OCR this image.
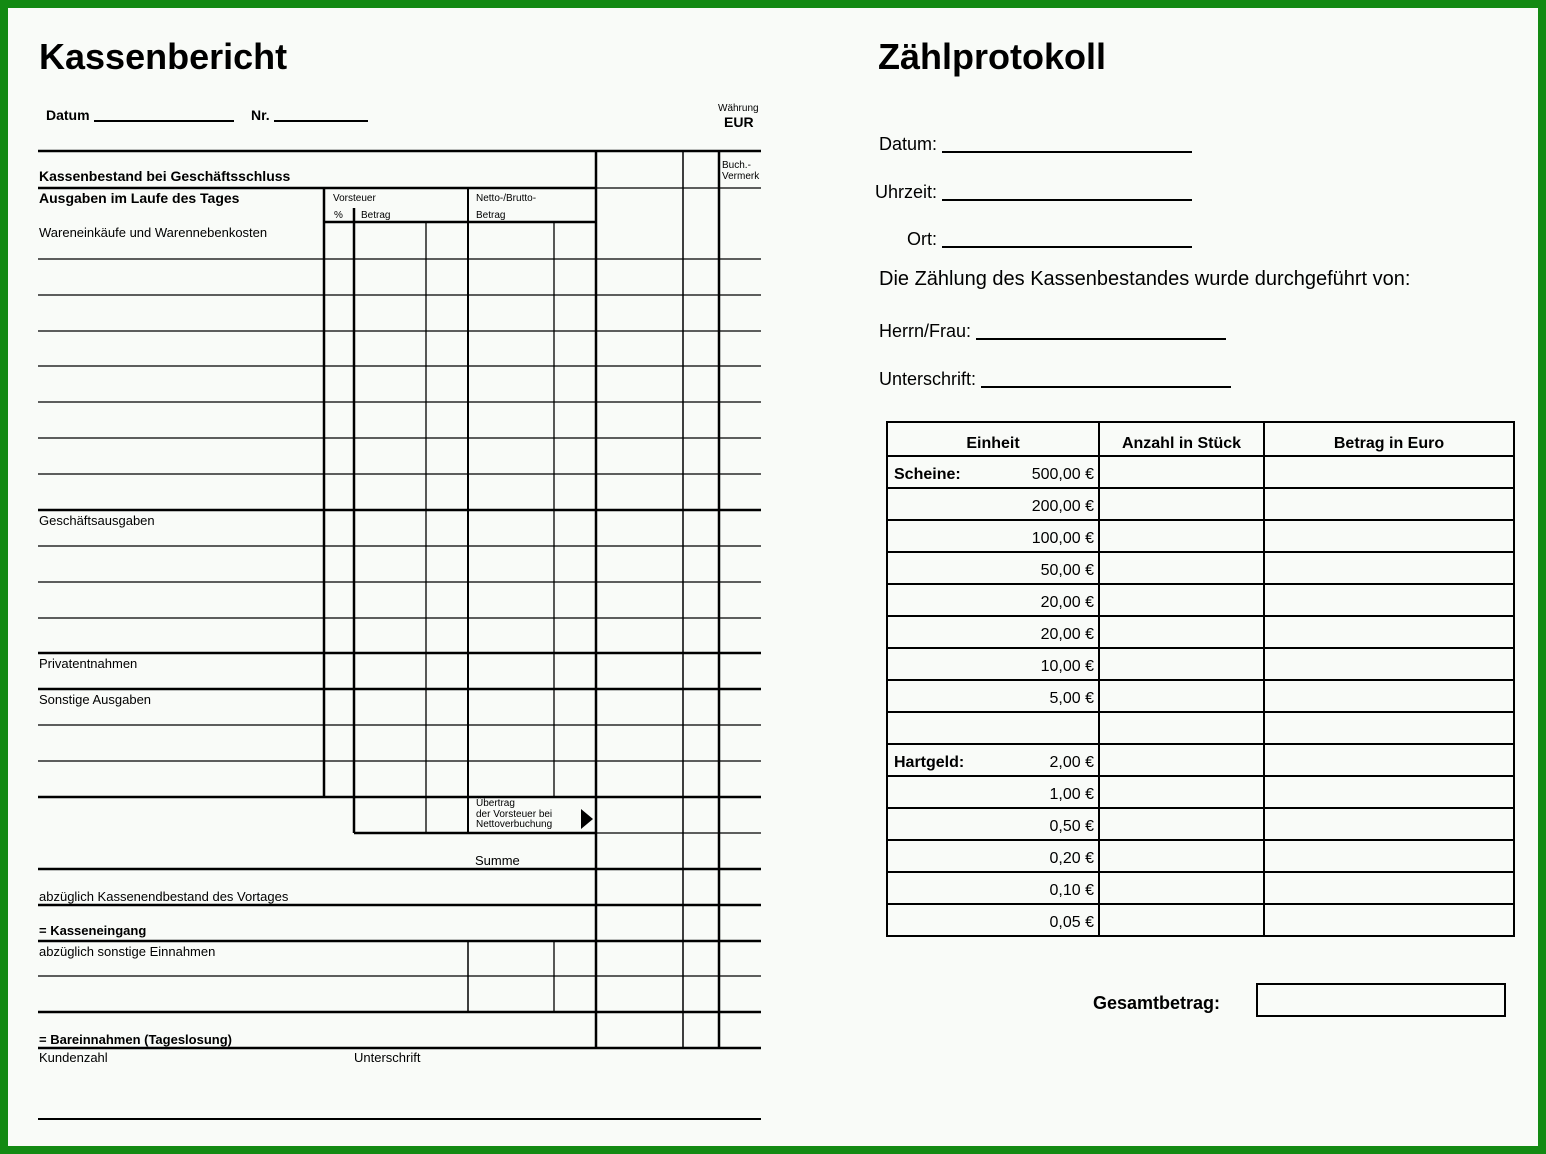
Kassenbericht
Datum	Nr.	Währung
EUR
Buch.-
Vermerk
Kassenbestand bei Geschäftsschluss
Ausgaben im Laufe des Tages	Vorsteuer
% Betrag
Netto-/Brutto-
Betrag
Wareneinkäufe und Warennebenkosten
Geschäftsausgaben
Privatentnahmen
Sonstige Ausgaben
Übertrag
der Vorsteuer bei
Nettoverbuchung
Summe
abzüglich Kassenendbestand des Vortages
= Kasseneingang
abzüglich sonstige Einnahmen
= Bareinnahmen (Tageslosung)
Kundenzahl	Unterschrift
Zählprotokoll
Datum:
Uhrzeit:
Ort:
Die Zählung des Kassenbestandes wurde durchgeführt von:
Herrn/Frau:
Unterschrift:
Einheit	Anzahl in Stück	Betrag in Euro

Scheine: 500,00 €		

200,00 €		

100,00 €		

50,00 €		

20,00 €		

20,00 €		

10,00 €		

5,00 €		

Hartgeld: 2,00 €		

1,00 €		

0,50 €		

0,20 €		

0,10 €		

0,05 €		

Gesamtbetrag:
